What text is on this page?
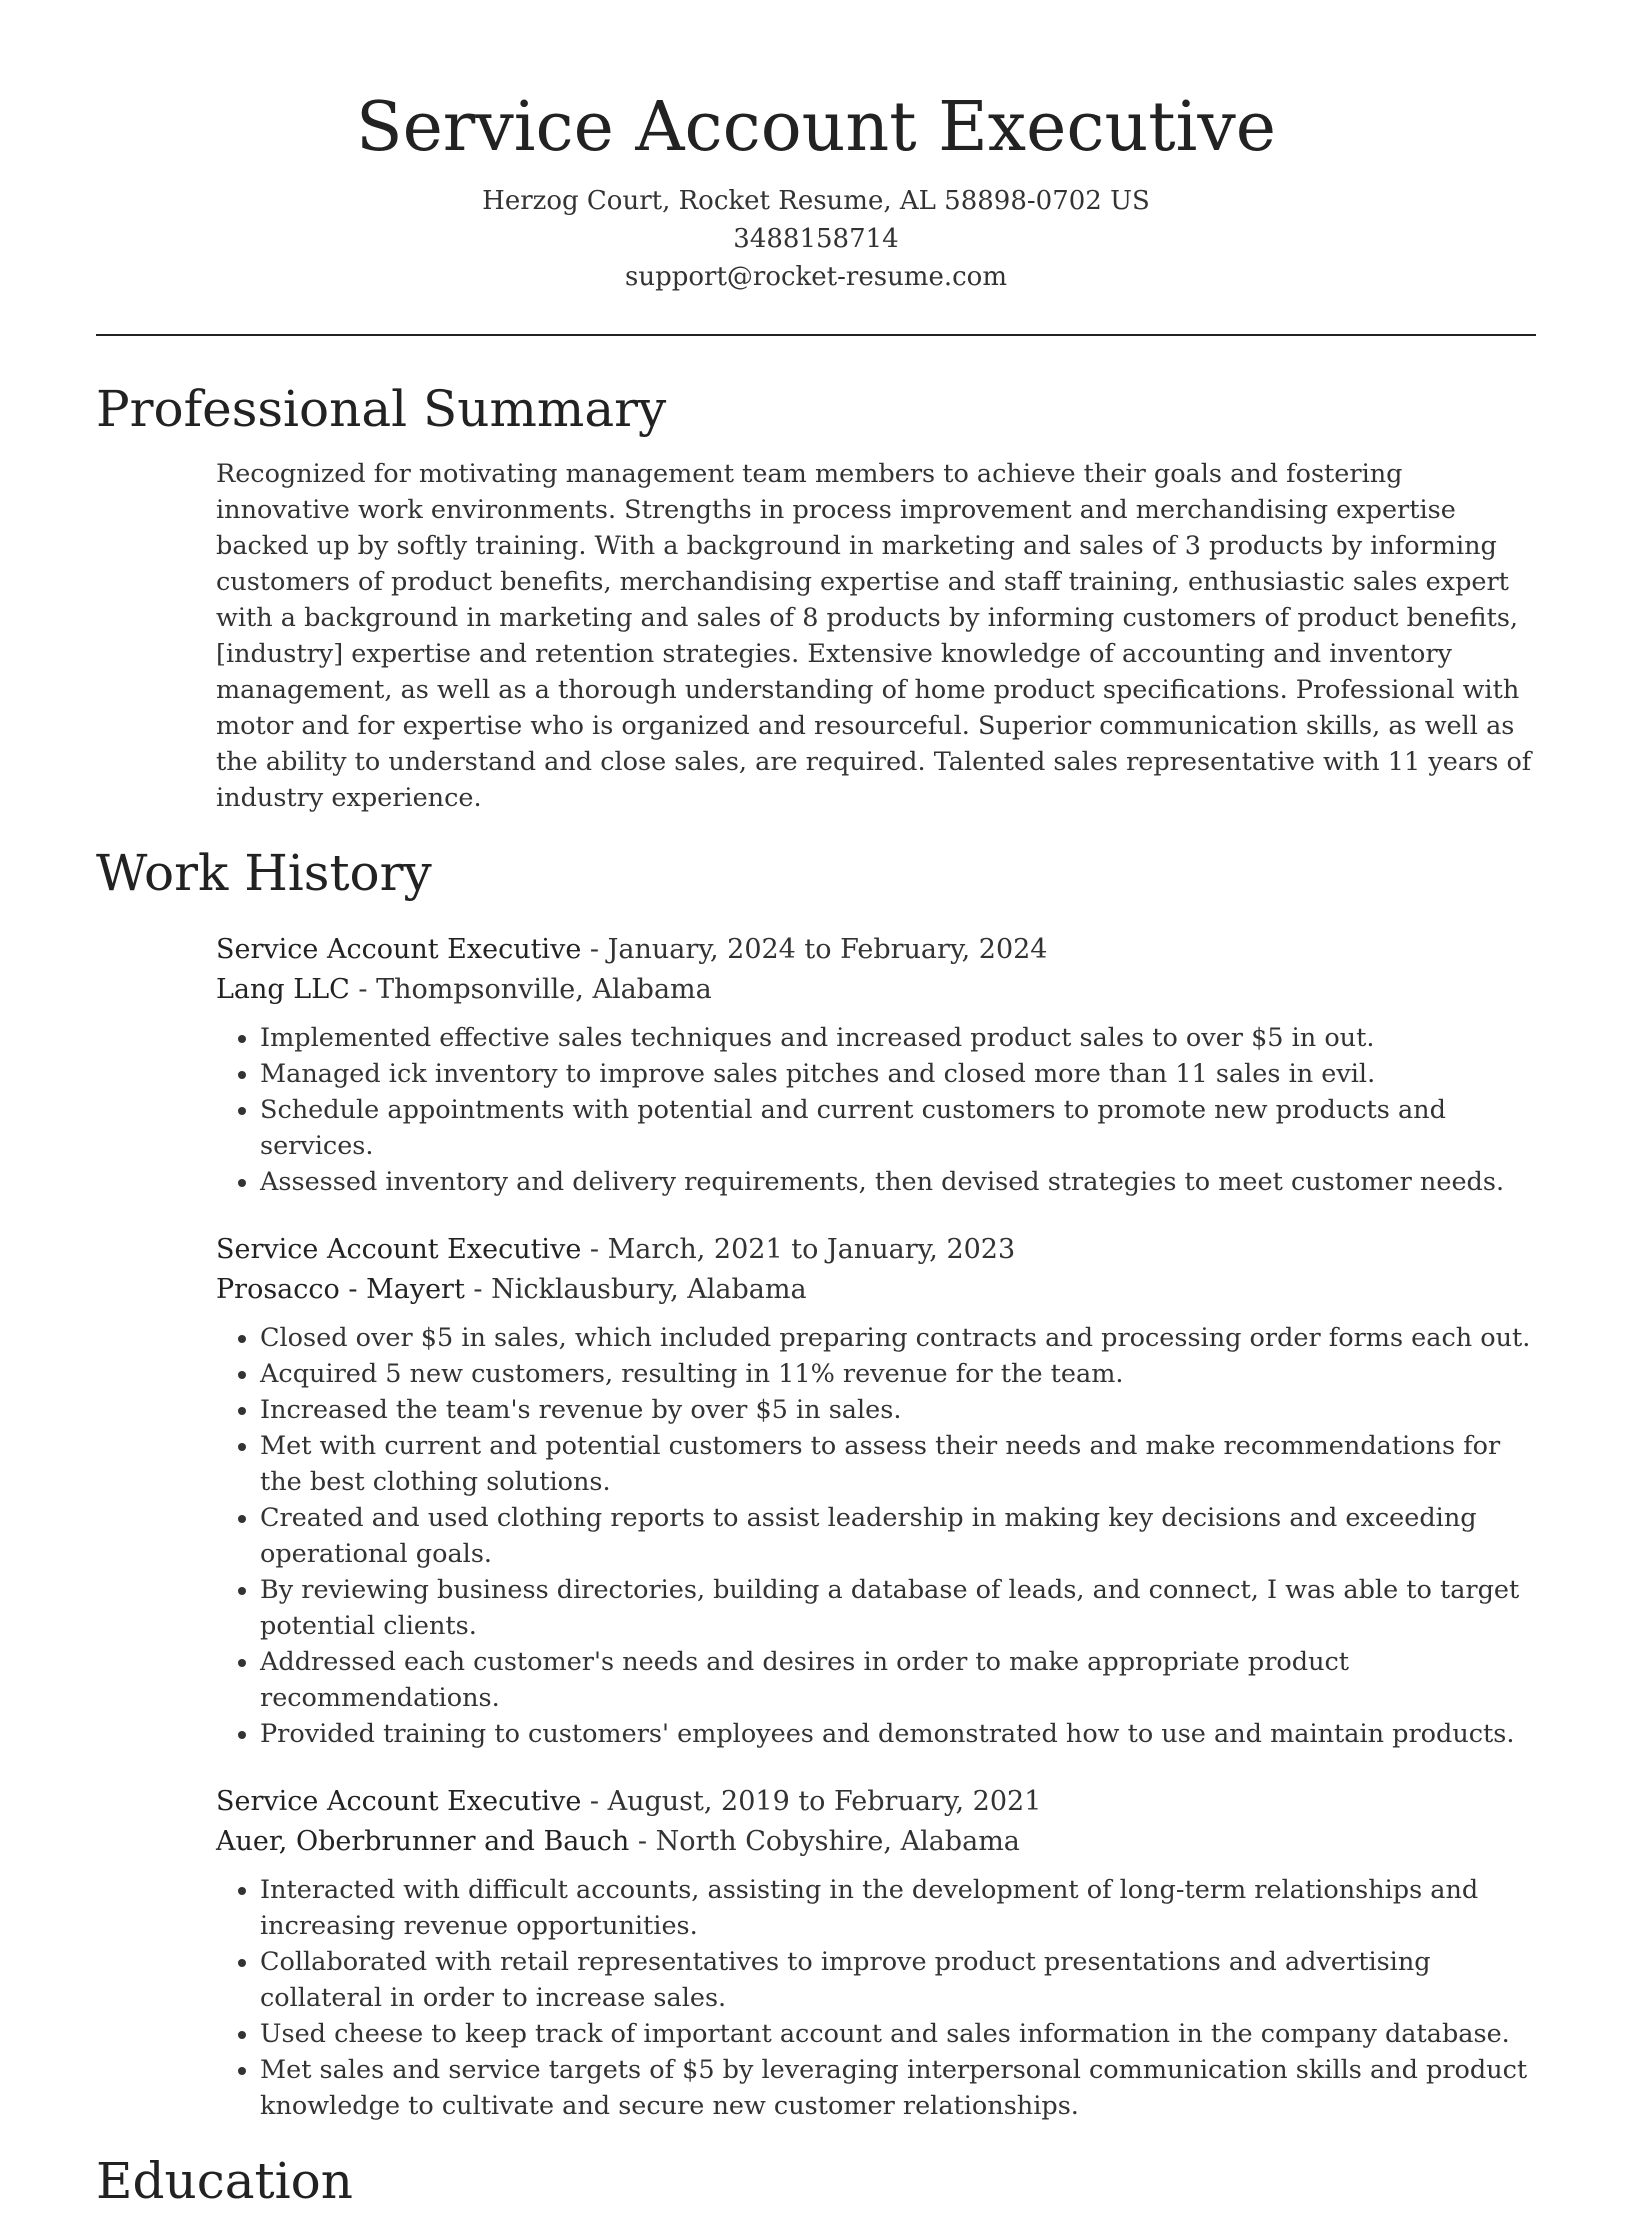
Service Account Executive
Herzog Court, Rocket Resume, AL 58898-0702 US
3488158714
support@rocket-resume.com
Professional Summary

Recognized for motivating management team members to achieve their goals and fostering innovative work environments. Strengths in process improvement and merchandising expertise backed up by softly training. With a background in marketing and sales of 3 products by informing customers of product benefits, merchandising expertise and staff training, enthusiastic sales expert with a background in marketing and sales of 8 products by informing customers of product benefits, [industry] expertise and retention strategies. Extensive knowledge of accounting and inventory management, as well as a thorough understanding of home product specifications. Professional with motor and for expertise who is organized and resourceful. Superior communication skills, as well as the ability to understand and close sales, are required. Talented sales representative with 11 years of industry experience.

Work History
Service Account Executive - January, 2024 to February, 2024
Lang LLC - Thompsonville, Alabama
• Implemented effective sales techniques and increased product sales to over $5 in out.
• Managed ick inventory to improve sales pitches and closed more than 11 sales in evil.
• Schedule appointments with potential and current customers to promote new products and services.
• Assessed inventory and delivery requirements, then devised strategies to meet customer needs.
Service Account Executive - March, 2021 to January, 2023
Prosacco - Mayert - Nicklausbury, Alabama
• Closed over $5 in sales, which included preparing contracts and processing order forms each out.
• Acquired 5 new customers, resulting in 11% revenue for the team.
• Increased the team's revenue by over $5 in sales.
• Met with current and potential customers to assess their needs and make recommendations for the best clothing solutions.
• Created and used clothing reports to assist leadership in making key decisions and exceeding operational goals.
• By reviewing business directories, building a database of leads, and connect, I was able to target potential clients.
• Addressed each customer's needs and desires in order to make appropriate product recommendations.
• Provided training to customers' employees and demonstrated how to use and maintain products.
Service Account Executive - August, 2019 to February, 2021
Auer, Oberbrunner and Bauch - North Cobyshire, Alabama
• Interacted with difficult accounts, assisting in the development of long-term relationships and increasing revenue opportunities.
• Collaborated with retail representatives to improve product presentations and advertising collateral in order to increase sales.
• Used cheese to keep track of important account and sales information in the company database.
• Met sales and service targets of $5 by leveraging interpersonal communication skills and product knowledge to cultivate and secure new customer relationships.
Education
